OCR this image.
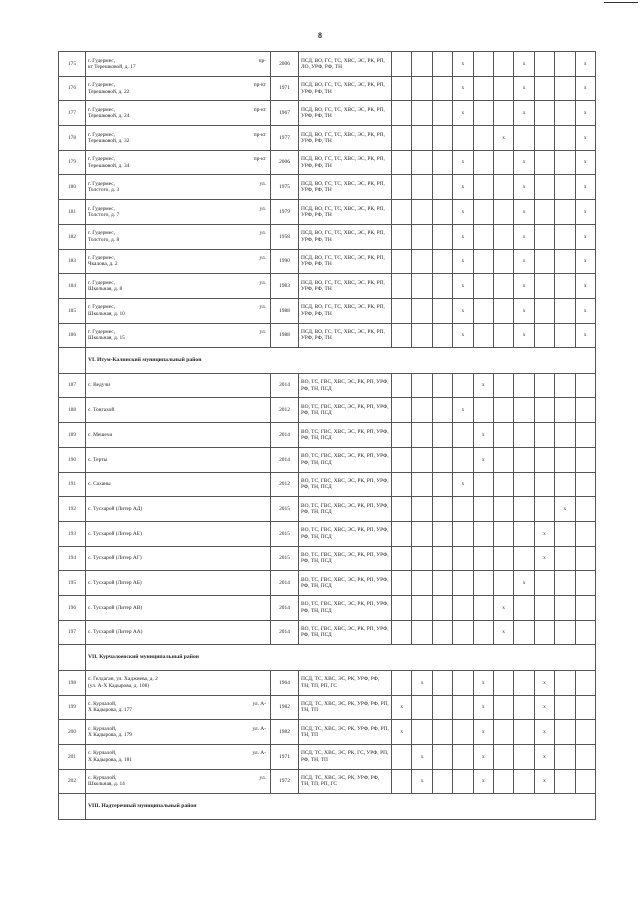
8
175	г. Гудермес, пр-
кт Терешковой, д. 17	2006	ПСД, ВО, ГС, ТС, ХВС, ЭС, РК, РП, ЛО, УРФ, РФ, ТН				x			x			x
176	г. Гудермес, пр-кт
Терешковой, д. 22	1971	ПСД, ВО, ГС, ТС, ХВС, ЭС, РК, РП, УРФ, РФ, ТН				x			x			x
177	г. Гудермес, пр-кт
Терешковой, д. 24	1967	ПСД, ВО, ГС, ТС, ХВС, ЭС, РК, РП, УРФ, РФ, ТН				x			x			x
178	г. Гудермес, пр-кт
Терешковой, д. 32	1977	ПСД, ВО, ГС, ТС, ХВС, ЭС, РК, РП, УРФ, РФ, ТН						x				x
179	г. Гудермес, пр-кт
Терешковой, д. 34	2006	ПСД, ВО, ГС, ТС, ХВС, ЭС, РК, РП, УРФ, РФ, ТН				x			x			x
180	г. Гудермес, ул.
Толстого, д. 3	1975	ПСД, ВО, ГС, ТС, ХВС, ЭС, РК, РП, УРФ, РФ, ТН				x			x			x
181	г. Гудермес, ул.
Толстого, д. 7	1979	ПСД, ВО, ГС, ТС, ХВС, ЭС, РК, РП, УРФ, РФ, ТН				x			x			x
182	г. Гудермес, ул.
Толстого, д. 8	1958	ПСД, ВО, ГС, ТС, ХВС, ЭС, РК, РП, УРФ, РФ, ТН				x			x			x
183	г. Гудермес, ул.
Чкалова, д. 2	1990	ПСД, ВО, ГС, ТС, ХВС, ЭС, РК, РП, УРФ, РФ, ТН				x			x			x
184	г. Гудермес, ул.
Школьная, д. 8	1983	ПСД, ВО, ГС, ТС, ХВС, ЭС, РК, РП, УРФ, РФ, ТН				x			x			x
185	г. Гудермес, ул.
Школьная, д. 10	1988	ПСД, ВО, ГС, ТС, ХВС, ЭС, РК, РП, УРФ, РФ, ТН				x			x			x
186	г. Гудермес, ул.
Школьная, д. 15	1988	ПСД, ВО, ГС, ТС, ХВС, ЭС, РК, РП, УРФ, РФ, ТН				x			x			x
	VI. Итум-Калинский муниципальный район												
187	с. Ведучи	2014	ВО, ТС, ГВС, ХВС, ЭС, РК, РП, УРФ, РФ, ТН, ПСД					x					
188	с. Тонгахой	2012	ВО, ТС, ГВС, ХВС, ЭС, РК, РП, УРФ, РФ, ТН, ПСД				x						
189	с. Мешехи	2014	ВО, ТС, ГВС, ХВС, ЭС, РК, РП, УРФ, РФ, ТН, ПСД					x					
190	с. Терты	2014	ВО, ТС, ГВС, ХВС, ЭС, РК, РП, УРФ, РФ, ТН, ПСД					x					
191	с. Саханы	2012	ВО, ТС, ГВС, ХВС, ЭС, РК, РП, УРФ, РФ, ТН, ПСД				x						
192	с. Тусхарой (Литер АД)	2015	ВО, ТС, ГВС, ХВС, ЭС, РК, РП, УРФ, РФ, ТН, ПСД									x	
193	с. Тусхарой (Литер АЕ)	2015	ВО, ТС, ГВС, ХВС, ЭС, РК, РП, УРФ, РФ, ТН, ПСД								x		
194	с. Тусхарой (Литер АГ)	2015	ВО, ТС, ГВС, ХВС, ЭС, РК, РП, УРФ, РФ, ТН, ПСД								x		
195	с. Тусхарой (Литер АБ)	2014	ВО, ТС, ГВС, ХВС, ЭС, РК, РП, УРФ, РФ, ТН, ПСД							x			
196	с. Тусхарой (Литер АВ)	2014	ВО, ТС, ГВС, ХВС, ЭС, РК, РП, УРФ, РФ, ТН, ПСД						x				
197	с. Тусхарой (Литер АА)	2014	ВО, ТС, ГВС, ХВС, ЭС, РК, РП, УРФ, РФ, ТН, ПСД						x				
	VII. Курчалоевский муниципальный район												
198	с. Гелдаган, ул. Хаджиева, д. 2
(ул. А-Х Кадырова, д. 108)	1964	ПСД, ТС, ХВС, ЭС, РК, УРФ, РФ, ТН, ТП, РП, ГС		x			x			x		
199	с. Курчалой, ул. А-
Х Кадырова, д. 177	1982	ПСД, ТС, ХВС, ЭС, РК, УРФ, РФ, РП, ТН, ТП	x				x			x		
200	с. Курчалой, ул. А-
Х Кадырова, д. 179	1982	ПСД, ТС, ХВС, ЭС, РК, УРФ, РФ, РП, ТН, ТП	x				x			x		
201	с. Курчалой, ул. А-
Х Кадырова, д. 181	1971	ПСД, ТС, ХВС, ЭС, РК, ГС, УРФ, РП, РФ, ТН, ТП		x			x			x		
202	с. Курчалой, ул.
Школьная, д. 14	1972	ПСД, ТС, ХВС, ЭС, РК, УРФ, РФ, ТН, ТП, РП, ГС		x			x			x		
	VIII. Надтеречный муниципальный район												
